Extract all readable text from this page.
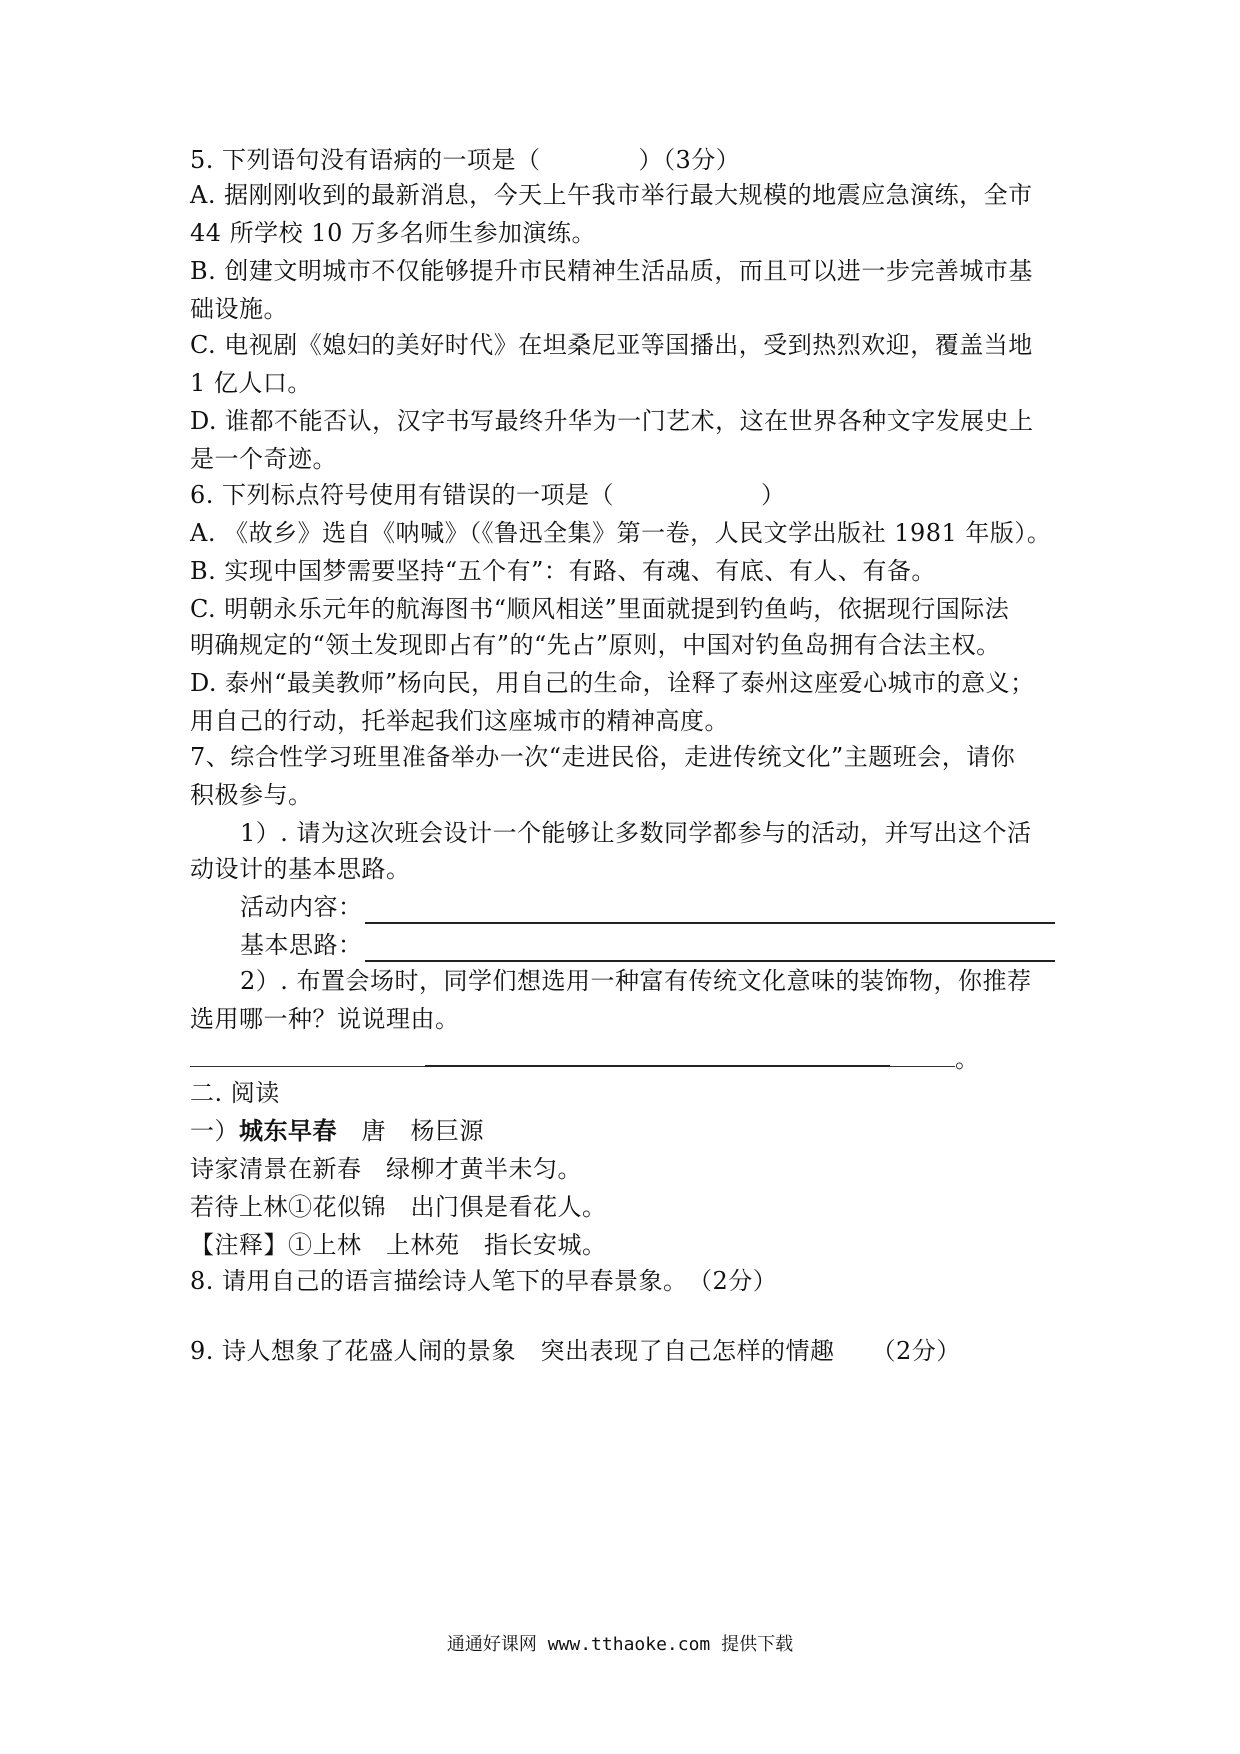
5. 下列语句没有语病的一项是（　　　　）（3分）
A. 据刚刚收到的最新消息，今天上午我市举行最大规模的地震应急演练，全市
44 所学校 10 万多名师生参加演练。
B. 创建文明城市不仅能够提升市民精神生活品质，而且可以进一步完善城市基
础设施。
C. 电视剧《媳妇的美好时代》在坦桑尼亚等国播出，受到热烈欢迎，覆盖当地
1 亿人口。
D. 谁都不能否认，汉字书写最终升华为一门艺术，这在世界各种文字发展史上
是一个奇迹。
6. 下列标点符号使用有错误的一项是（　　　　　　）
A. 《故乡》选自《呐喊》（《鲁迅全集》第一卷，人民文学出版社 1981 年版）。
B. 实现中国梦需要坚持“五个有”：有路、有魂、有底、有人、有备。
C. 明朝永乐元年的航海图书“顺风相送”里面就提到钓鱼屿，依据现行国际法
明确规定的“领土发现即占有”的“先占”原则，中国对钓鱼岛拥有合法主权。
D. 泰州“最美教师”杨向民，用自己的生命，诠释了泰州这座爱心城市的意义；
用自己的行动，托举起我们这座城市的精神高度。
7、综合性学习班里准备举办一次“走进民俗，走进传统文化”主题班会，请你
积极参与。
1）. 请为这次班会设计一个能够让多数同学都参与的活动，并写出这个活
动设计的基本思路。
活动内容：
基本思路：
2）. 布置会场时，同学们想选用一种富有传统文化意味的装饰物，你推荐
选用哪一种？说说理由。
。
二. 阅读
一）城东早春　唐　杨巨源
诗家清景在新春　绿柳才黄半未匀。
若待上林①花似锦　出门俱是看花人。
【注释】①上林　上林苑　指长安城。
8. 请用自己的语言描绘诗人笔下的早春景象。　（2分）
9. 诗人想象了花盛人闹的景象　突出表现了自己怎样的情趣　　（2分）
通通好课网 www.tthaoke.com 提供下载
